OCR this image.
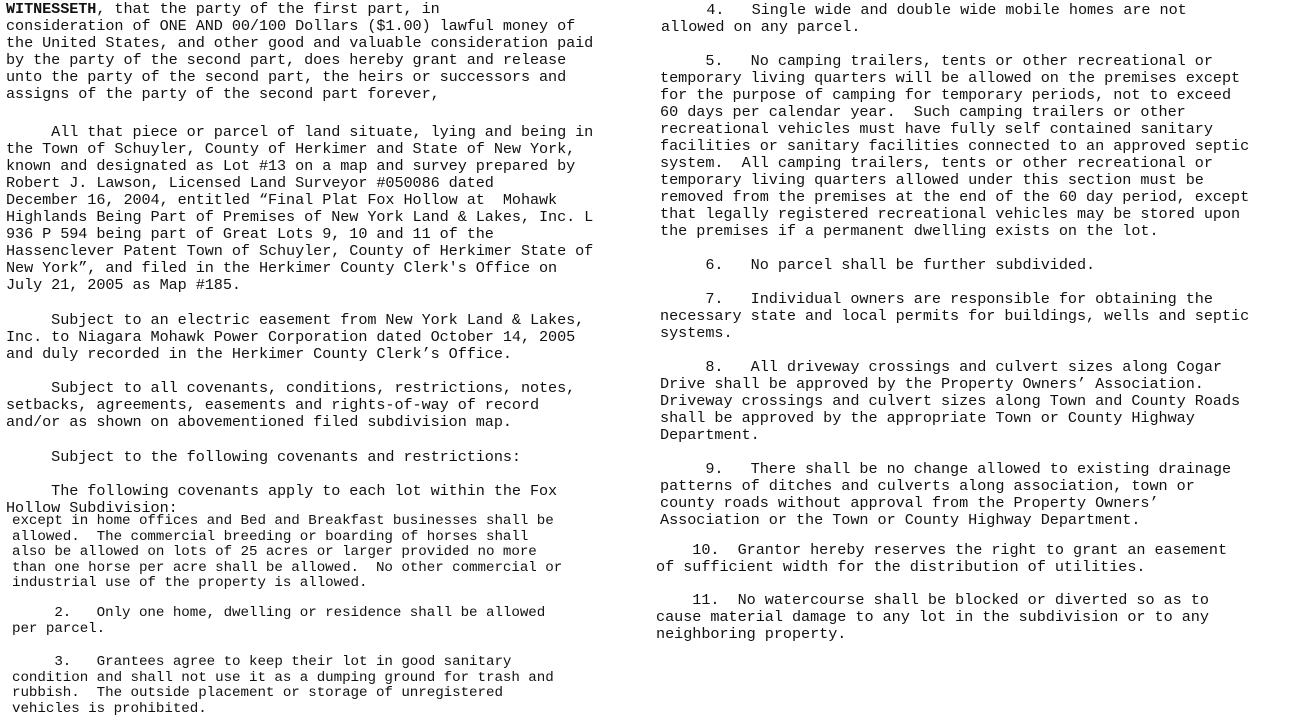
WITNESSETH, that the party of the first part, in
consideration of ONE AND 00/100 Dollars ($1.00) lawful money of
the United States, and other good and valuable consideration paid
by the party of the second part, does hereby grant and release
unto the party of the second part, the heirs or successors and
assigns of the party of the second part forever,

All that piece or parcel of land situate, lying and being in
the Town of Schuyler, County of Herkimer and State of New York,
known and designated as Lot #13 on a map and survey prepared by
Robert J. Lawson, Licensed Land Surveyor #050086 dated
December 16, 2004, entitled “Final Plat Fox Hollow at  Mohawk
Highlands Being Part of Premises of New York Land & Lakes, Inc. L
936 P 594 being part of Great Lots 9, 10 and 11 of the
Hassenclever Patent Town of Schuyler, County of Herkimer State of
New York”, and filed in the Herkimer County Clerk's Office on
July 21, 2005 as Map #185.

Subject to an electric easement from New York Land & Lakes,
Inc. to Niagara Mohawk Power Corporation dated October 14, 2005
and duly recorded in the Herkimer County Clerk’s Office.

Subject to all covenants, conditions, restrictions, notes,
setbacks, agreements, easements and rights-of-way of record
and/or as shown on abovementioned filed subdivision map.

Subject to the following covenants and restrictions:

The following covenants apply to each lot within the Fox
Hollow Subdivision:

except in home offices and Bed and Breakfast businesses shall be
allowed.  The commercial breeding or boarding of horses shall
also be allowed on lots of 25 acres or larger provided no more
than one horse per acre shall be allowed.  No other commercial or
industrial use of the property is allowed.

2.   Only one home, dwelling or residence shall be allowed
per parcel.

3.   Grantees agree to keep their lot in good sanitary
condition and shall not use it as a dumping ground for trash and
rubbish.  The outside placement or storage of unregistered
vehicles is prohibited.

4.   Single wide and double wide mobile homes are not
allowed on any parcel.

5.   No camping trailers, tents or other recreational or
temporary living quarters will be allowed on the premises except
for the purpose of camping for temporary periods, not to exceed
60 days per calendar year.  Such camping trailers or other
recreational vehicles must have fully self contained sanitary
facilities or sanitary facilities connected to an approved septic
system.  All camping trailers, tents or other recreational or
temporary living quarters allowed under this section must be
removed from the premises at the end of the 60 day period, except
that legally registered recreational vehicles may be stored upon
the premises if a permanent dwelling exists on the lot.

6.   No parcel shall be further subdivided.

7.   Individual owners are responsible for obtaining the
necessary state and local permits for buildings, wells and septic
systems.

8.   All driveway crossings and culvert sizes along Cogar
Drive shall be approved by the Property Owners’ Association.
Driveway crossings and culvert sizes along Town and County Roads
shall be approved by the appropriate Town or County Highway
Department.

9.   There shall be no change allowed to existing drainage
patterns of ditches and culverts along association, town or
county roads without approval from the Property Owners’
Association or the Town or County Highway Department.

10.  Grantor hereby reserves the right to grant an easement
of sufficient width for the distribution of utilities.

11.  No watercourse shall be blocked or diverted so as to
cause material damage to any lot in the subdivision or to any
neighboring property.
